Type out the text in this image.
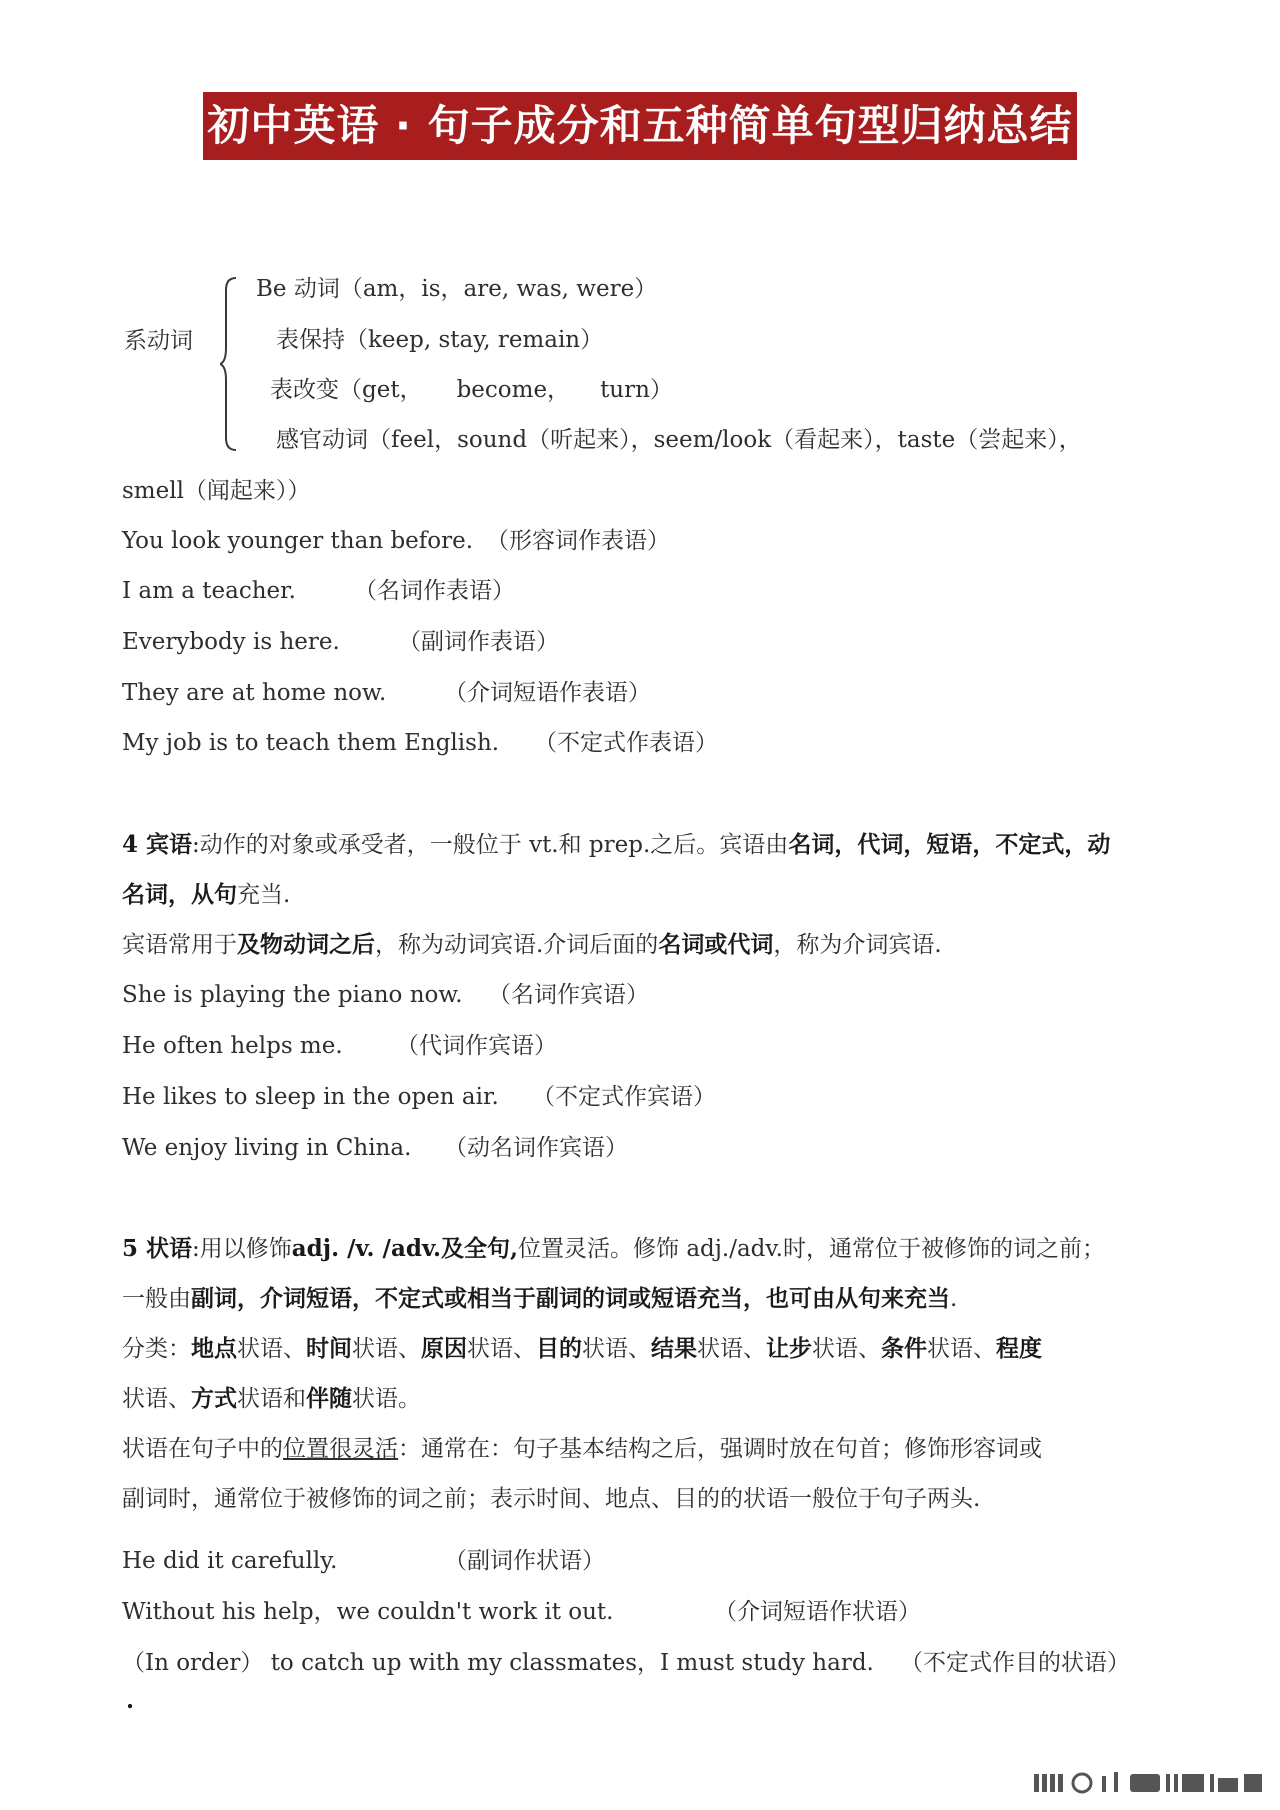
初中英语 · 句子成分和五种简单句型归纳总结
系动词
Be 动词（am，is，are, was, were）
表保持（keep, stay, remain）
表改变（get， become， turn）
感官动词（feel，sound（听起来），seem/look（看起来），taste（尝起来），
smell（闻起来））
You look younger than before. （形容词作表语）
I am a teacher.	（名词作表语）
Everybody is here.	（副词作表语）
They are at home now.	（介词短语作表语）
My job is to teach them English. （不定式作表语）
4 宾语:动作的对象或承受者，一般位于 vt.和 prep.之后。宾语由名词，代词，短语，不定式，动
名词，从句充当.
宾语常用于及物动词之后，称为动词宾语.介词后面的名词或代词，称为介词宾语.
She is playing the piano now. （名词作宾语）
He often helps me. （代词作宾语）
He likes to sleep in the open air. （不定式作宾语）
We enjoy living in China. （动名词作宾语）
5 状语:用以修饰adj. /v. /adv.及全句,位置灵活。修饰 adj./adv.时，通常位于被修饰的词之前；
一般由副词，介词短语，不定式或相当于副词的词或短语充当，也可由从句来充当.
分类：地点状语、时间状语、原因状语、目的状语、结果状语、让步状语、条件状语、程度
状语、方式状语和伴随状语。
状语在句子中的位置很灵活：通常在：句子基本结构之后，强调时放在句首；修饰形容词或
副词时，通常位于被修饰的词之前；表示时间、地点、目的的状语一般位于句子两头.
He did it carefully.	（副词作状语）
Without his help，we couldn't work it out.	（介词短语作状语）
（In order） to catch up with my classmates，I must study hard. （不定式作目的状语）
.
